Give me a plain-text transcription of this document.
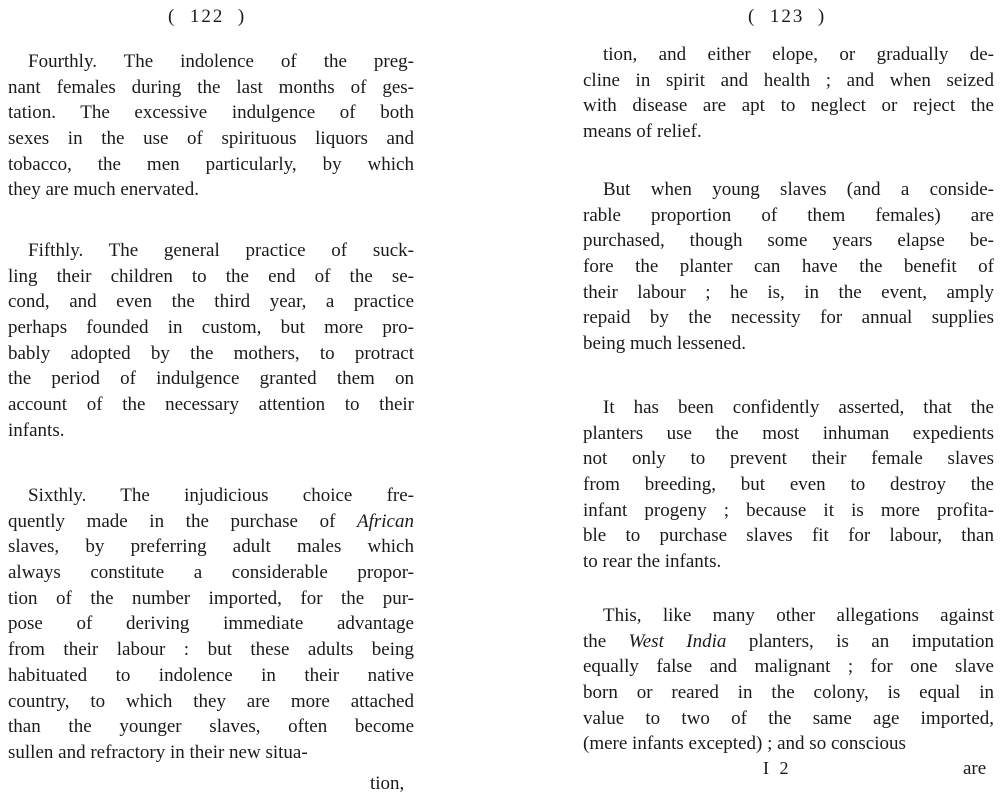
(  122  )
Fourthly. The indolence of the preg-
nant females during the last months of ges-
tation. The excessive indulgence of both
sexes in the use of spirituous liquors and
tobacco, the men particularly, by which
they are much enervated.
Fifthly. The general practice of suck-
ling their children to the end of the se-
cond, and even the third year, a practice
perhaps founded in custom, but more pro-
bably adopted by the mothers, to protract
the period of indulgence granted them on
account of the necessary attention to their
infants.
Sixthly. The injudicious choice fre-
quently made in the purchase of African
slaves, by preferring adult males which
always constitute a considerable propor-
tion of the number imported, for the pur-
pose of deriving immediate advantage
from their labour : but these adults being
habituated to indolence in their native
country, to which they are more attached
than the younger slaves, often become
sullen and refractory in their new situa-
tion,
(  123  )
tion, and either elope, or gradually de-
cline in spirit and health ; and when seized
with disease are apt to neglect or reject the
means of relief.
But when young slaves (and a conside-
rable proportion of them females) are
purchased, though some years elapse be-
fore the planter can have the benefit of
their labour ; he is, in the event, amply
repaid by the necessity for annual supplies
being much lessened.
It has been confidently asserted, that the
planters use the most inhuman expedients
not only to prevent their female slaves
from breeding, but even to destroy the
infant progeny ; because it is more profita-
ble to purchase slaves fit for labour, than
to rear the infants.
This, like many other allegations against
the West India planters, is an imputation
equally false and malignant ; for one slave
born or reared in the colony, is equal in
value to two of the same age imported,
(mere infants excepted) ; and so conscious
I 2	are
